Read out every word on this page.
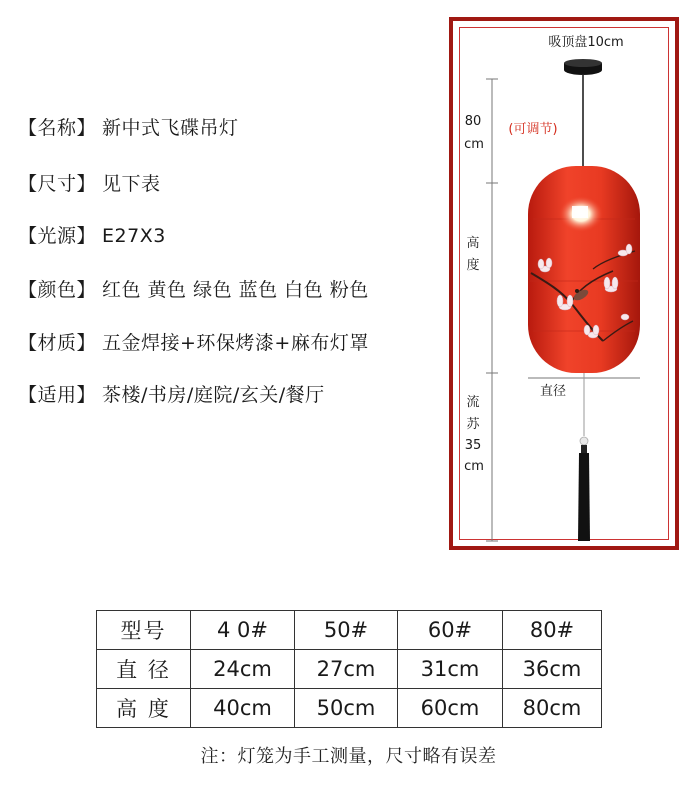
【名称】 新中式飞碟吊灯
【尺寸】 见下表
【光源】 E27X3
【颜色】 红色 黄色 绿色 蓝色 白色 粉色
【材质】 五金焊接+环保烤漆+麻布灯罩
【适用】 茶楼/书房/庭院/玄关/餐厅
吸顶盘10cm
80
cm
(可调节)
高
度
直径
流
苏
35
cm
型号	4 0#	50#	60#	80#
直 径	24cm	27cm	31cm	36cm
高 度	40cm	50cm	60cm	80cm
注：灯笼为手工测量，尺寸略有误差
